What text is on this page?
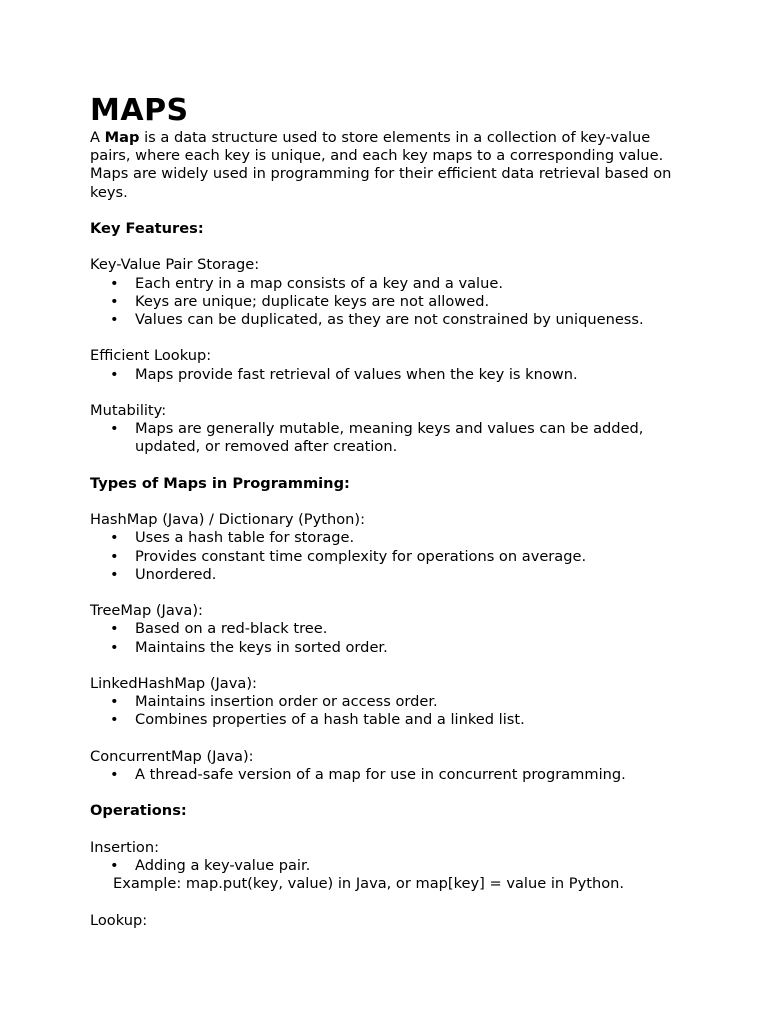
MAPS

A Map is a data structure used to store elements in a collection of key-value pairs, where each key is unique, and each key maps to a corresponding value. Maps are widely used in programming for their efficient data retrieval based on keys.

Key Features:
Key-Value Pair Storage:
• Each entry in a map consists of a key and a value.
• Keys are unique; duplicate keys are not allowed.
• Values can be duplicated, as they are not constrained by uniqueness.
Efficient Lookup:
• Maps provide fast retrieval of values when the key is known.
Mutability:
• Maps are generally mutable, meaning keys and values can be added, updated, or removed after creation.
Types of Maps in Programming:
HashMap (Java) / Dictionary (Python):
• Uses a hash table for storage.
• Provides constant time complexity for operations on average.
• Unordered.
TreeMap (Java):
• Based on a red-black tree.
• Maintains the keys in sorted order.
LinkedHashMap (Java):
• Maintains insertion order or access order.
• Combines properties of a hash table and a linked list.
ConcurrentMap (Java):
• A thread-safe version of a map for use in concurrent programming.
Operations:
Insertion:
• Adding a key-value pair.
Example: map.put(key, value) in Java, or map[key] = value in Python.
Lookup:
